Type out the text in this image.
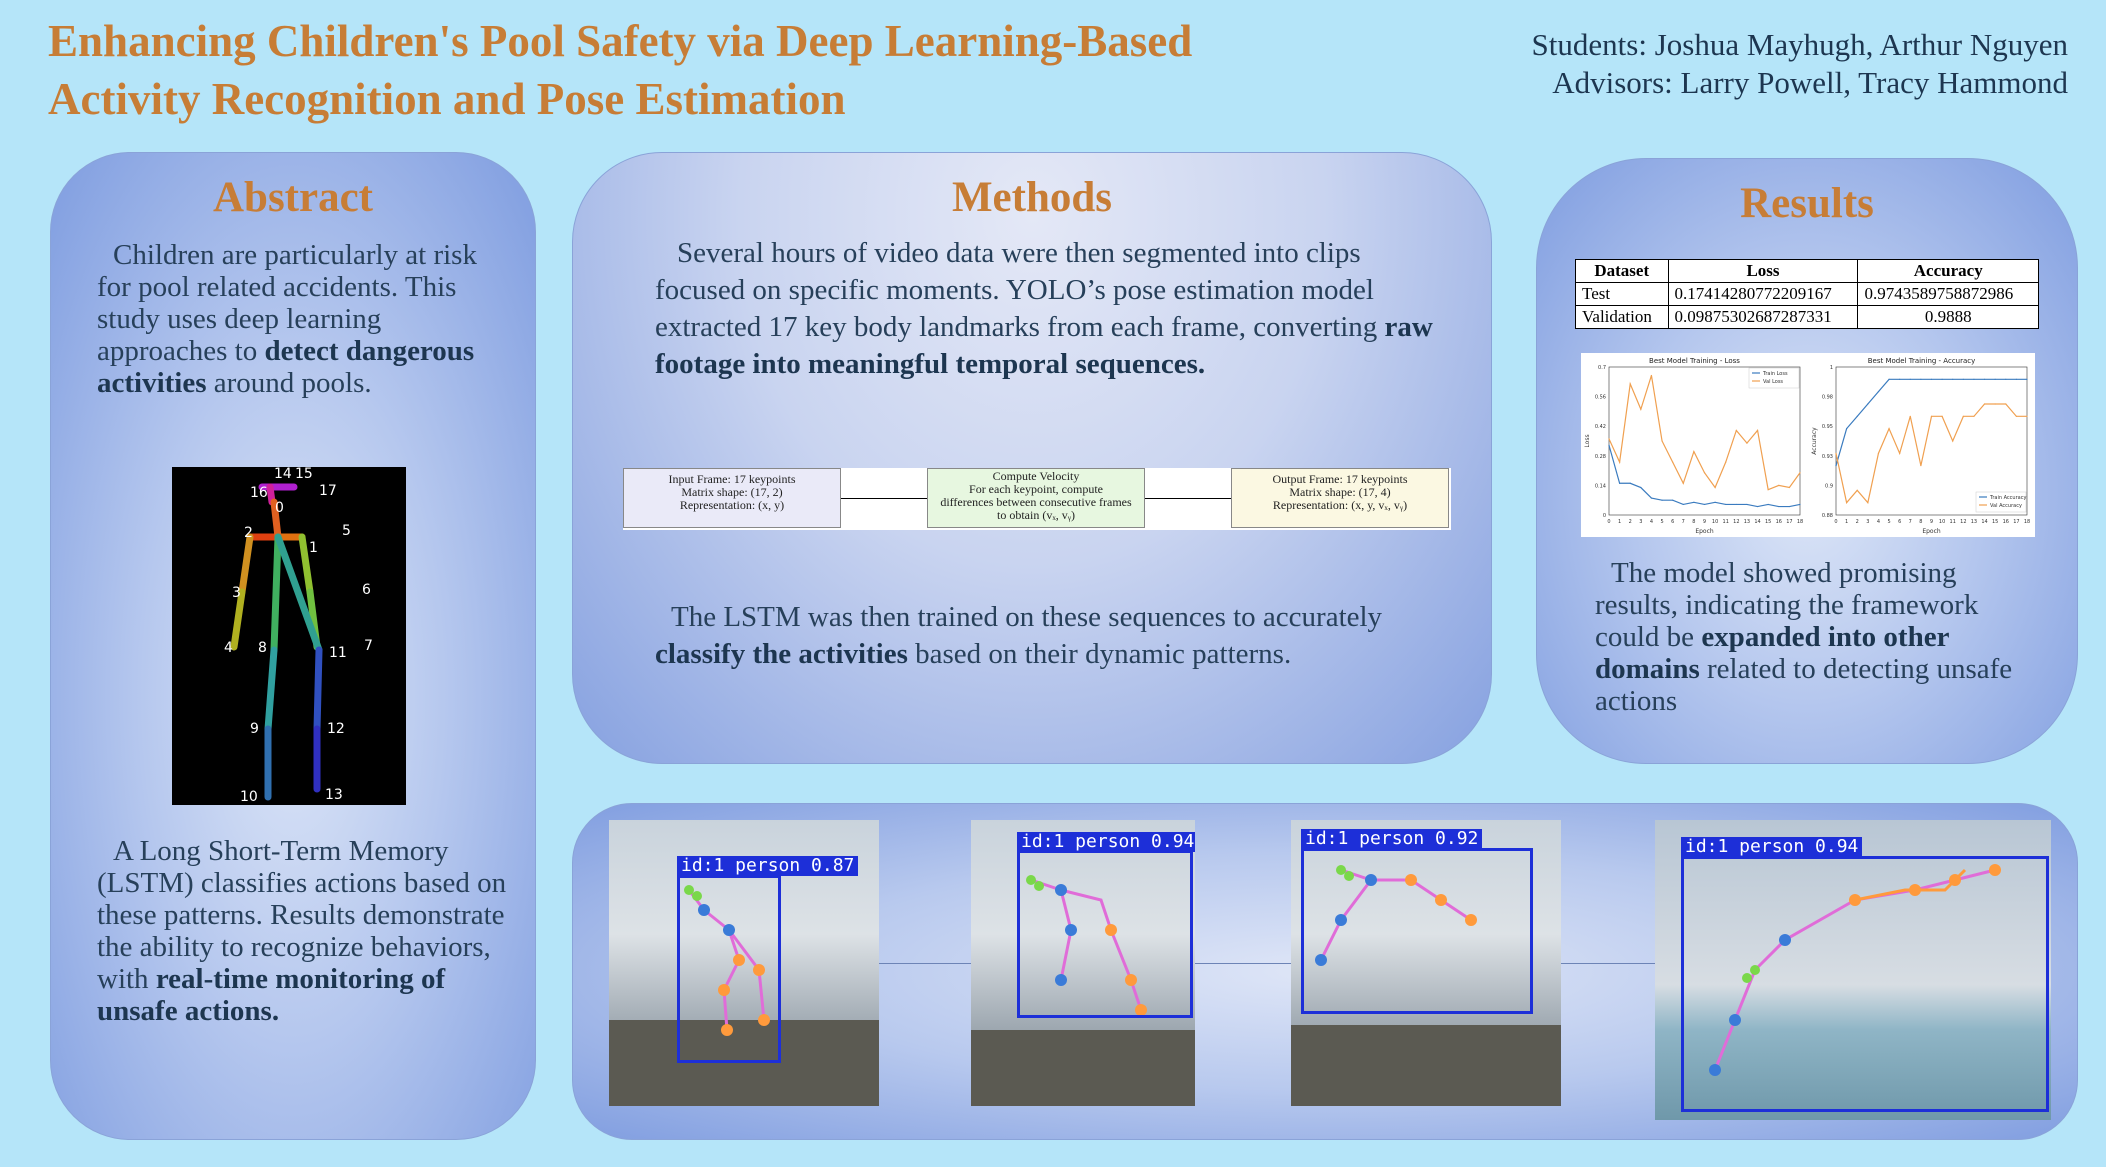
Enhancing Children's Pool Safety via Deep Learning-Based
Activity Recognition and Pose Estimation
Students: Joshua Mayhugh, Arthur Nguyen
Advisors: Larry Powell, Tracy Hammond
Abstract

Children are particularly at risk for pool related accidents. This study uses deep learning approaches to detect dangerous activities around pools.

0
1
2
3
4
5
6
7
8
9
10
11
12
13
14 15
16	17

A Long Short-Term Memory (LSTM) classifies actions based on these patterns. Results demonstrate the ability to recognize behaviors, with real-time monitoring of unsafe actions.

Methods

Several hours of video data were then segmented into clips focused on specific moments. YOLO’s pose estimation model extracted 17 key body landmarks from each frame, converting raw footage into meaningful temporal sequences.

Input Frame: 17 keypoints
Matrix shape: (17, 2)
Representation: (x, y)
Compute Velocity
For each keypoint, compute
differences between consecutive frames
to obtain (vₓ, vᵧ)
Output Frame: 17 keypoints
Matrix shape: (17, 4)
Representation: (x, y, vₓ, vᵧ)

The LSTM was then trained on these sequences to accurately classify the activities based on their dynamic patterns.

Results
Dataset	Loss	Accuracy
Test	0.17414280772209167	0.9743589758872986
Validation	0.09875302687287331	0.9888
Best Model Training - Loss
0 1 2 3 4 5 6 7 8 9 10 11 12 13 14 15 16 17 18
Epoch
Loss
0
0.14
0.28
0.42
0.56
0.7
Train Loss
Val Loss
Best Model Training - Accuracy
0 1 2 3 4 5 6 7 8 9 10 11 12 13 14 15 16 17 18
Epoch
Accuracy
0.88
0.9
0.93
0.95
0.98
1
Train Accuracy
Val Accuracy

The model showed promising results, indicating the framework could be expanded into other domains related to detecting unsafe actions

id:1 person 0.87
id:1 person 0.94	id:1 person 0.92	id:1 person 0.94
